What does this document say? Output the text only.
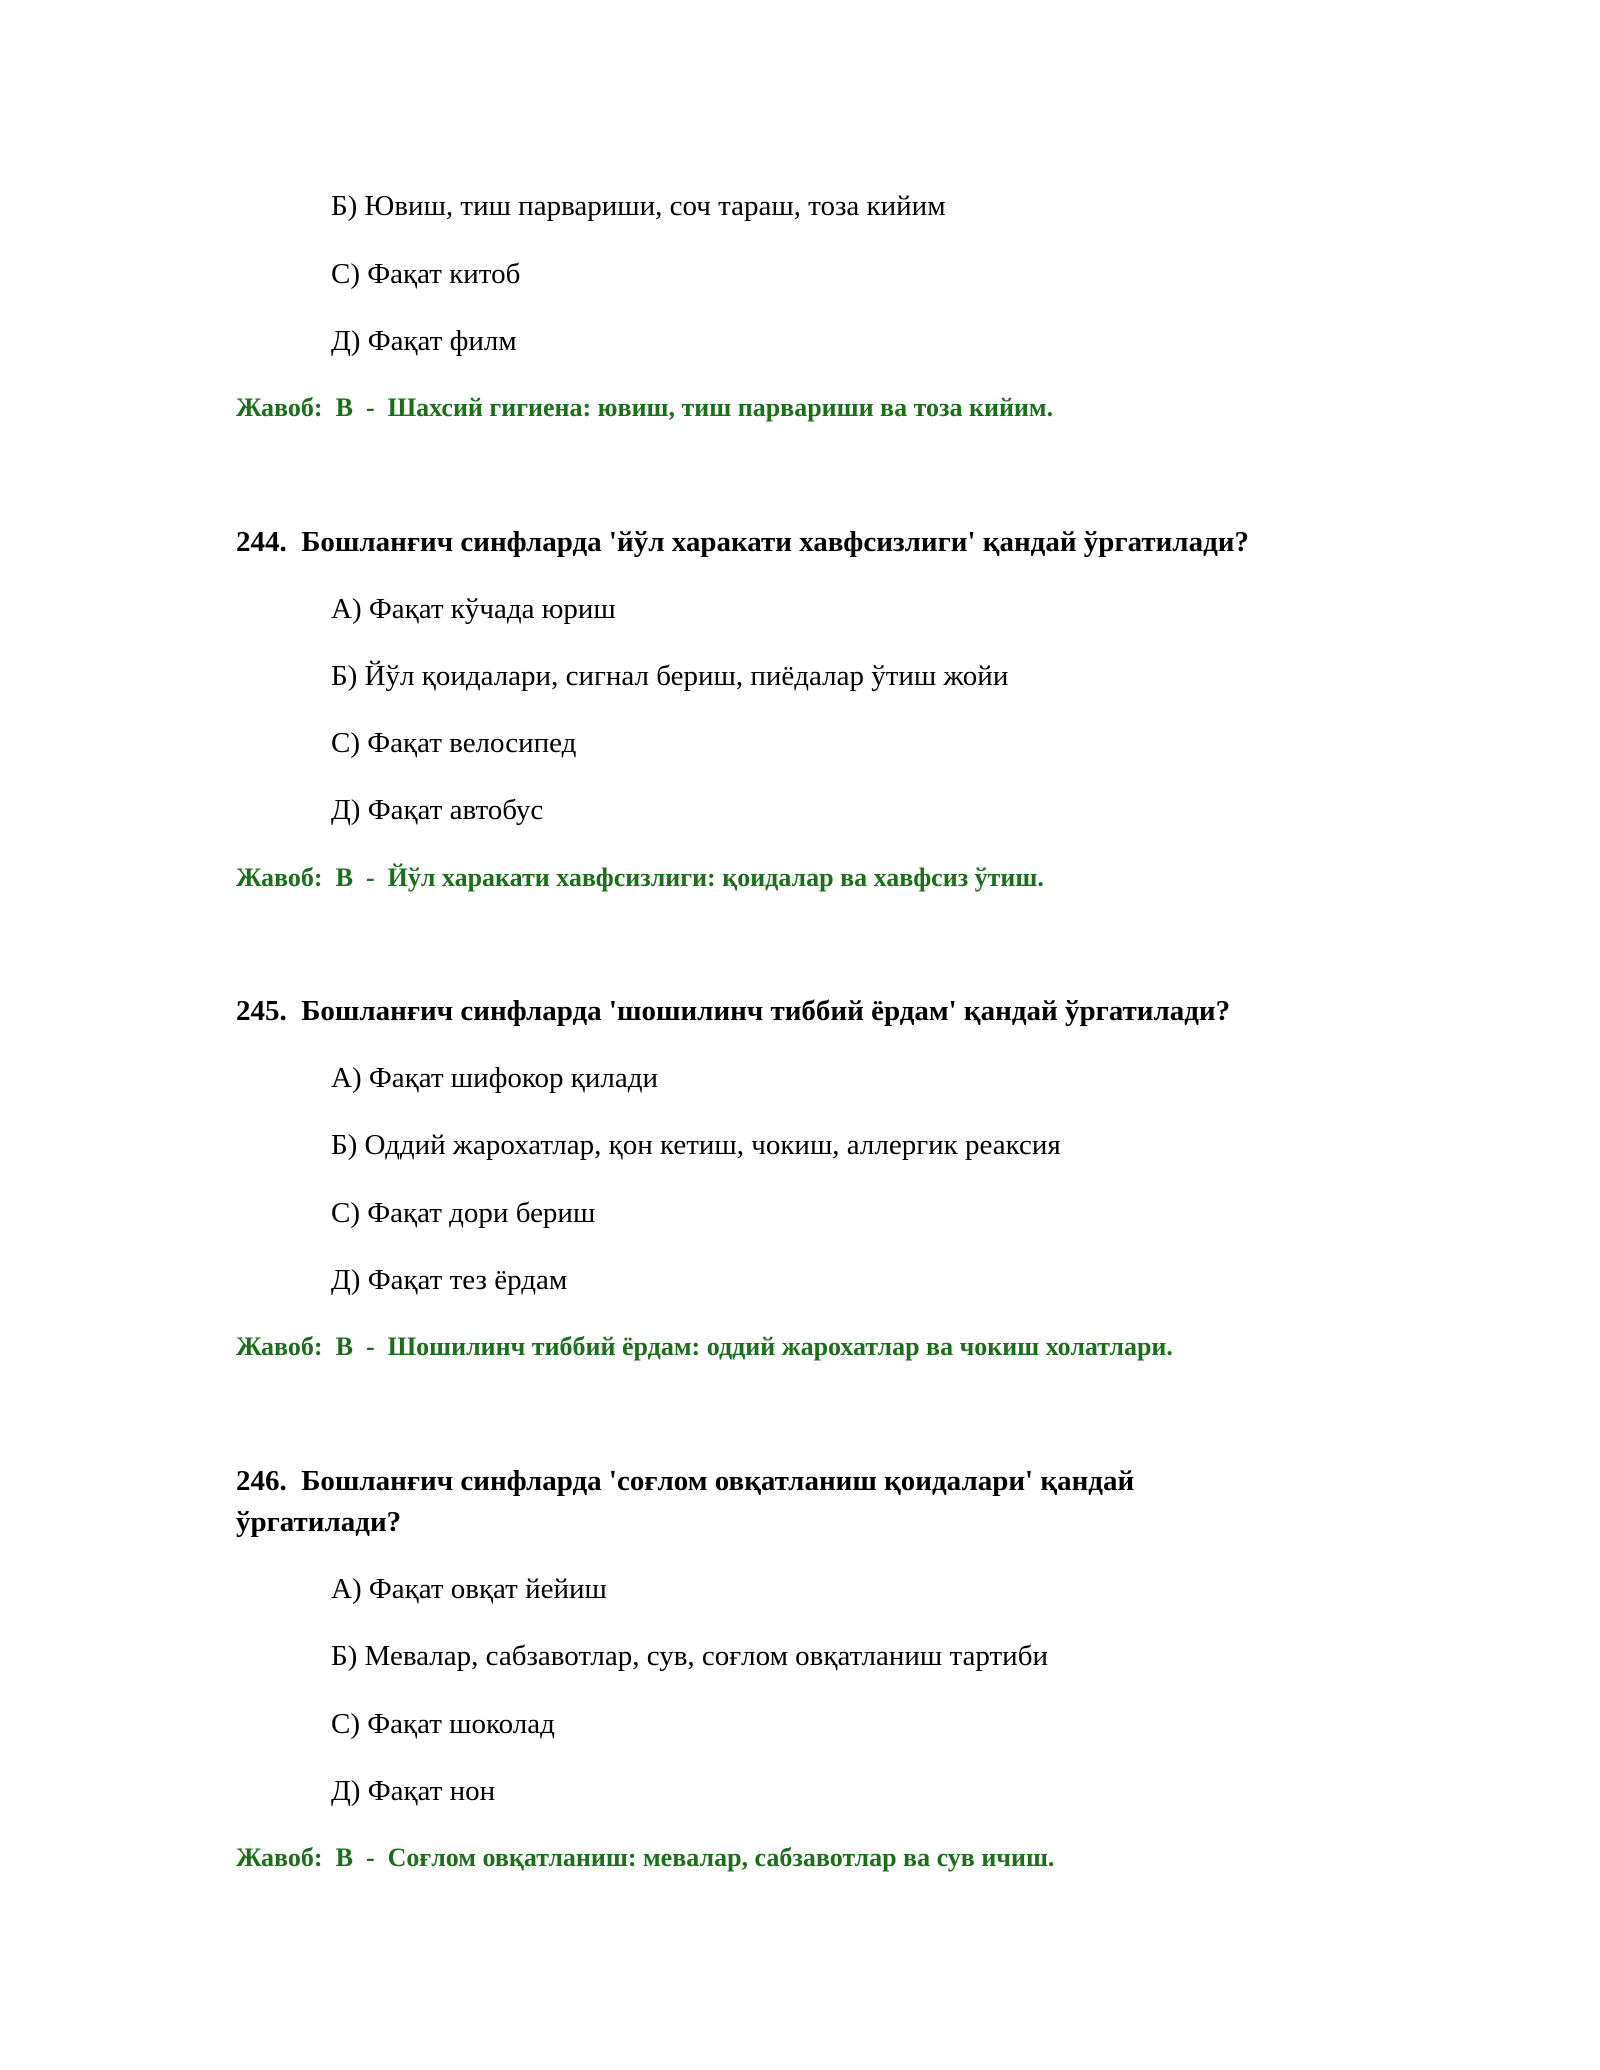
Б) Ювиш, тиш парвариши, соч тараш, тоза кийим
С) Фақат китоб
Д) Фақат филм
Жавоб: B - Шахсий гигиена: ювиш, тиш парвариши ва тоза кийим.
244. Бошланғич синфларда 'йўл харакати хавфсизлиги' қандай ўргатилади?
А) Фақат кўчада юриш
Б) Йўл қоидалари, сигнал бериш, пиёдалар ўтиш жойи
С) Фақат велосипед
Д) Фақат автобус
Жавоб: B - Йўл харакати хавфсизлиги: қоидалар ва хавфсиз ўтиш.
245. Бошланғич синфларда 'шошилинч тиббий ёрдам' қандай ўргатилади?
А) Фақат шифокор қилади
Б) Оддий жарохатлар, қон кетиш, чокиш, аллергик реаксия
С) Фақат дори бериш
Д) Фақат тез ёрдам
Жавоб: B - Шошилинч тиббий ёрдам: оддий жарохатлар ва чокиш холатлари.
246. Бошланғич синфларда 'соғлом овқатланиш қоидалари' қандай
ўргатилади?
А) Фақат овқат йейиш
Б) Мевалар, сабзавотлар, сув, соғлом овқатланиш тартиби
С) Фақат шоколад
Д) Фақат нон
Жавоб: B - Соғлом овқатланиш: мевалар, сабзавотлар ва сув ичиш.
